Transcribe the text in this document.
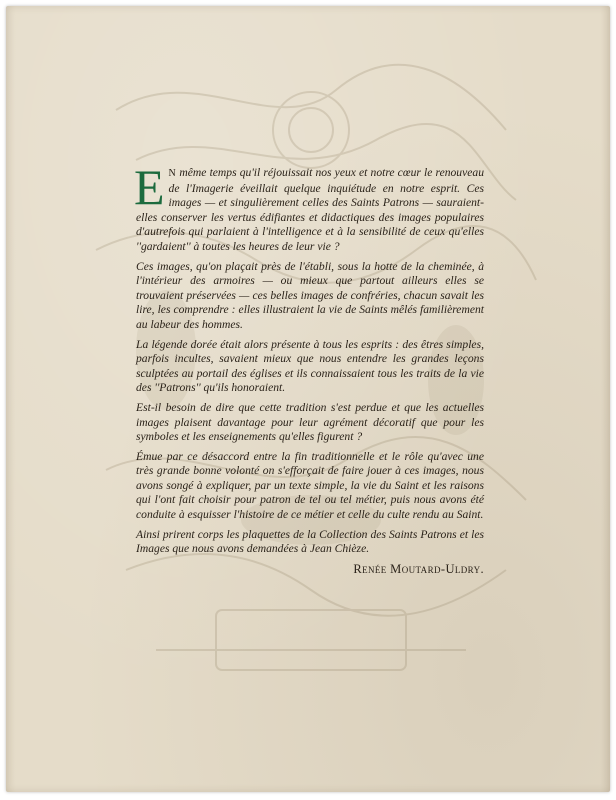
E N même temps qu'il réjouissait nos yeux et notre cœur le renouveau de l'Imagerie éveillait quelque inquiétude en notre esprit. Ces images — et singulièrement celles des Saints Patrons — sauraient-elles conserver les vertus édifiantes et didactiques des images populaires d'autrefois qui parlaient à l'intelligence et à la sensibilité de ceux qu'elles ''gardaient'' à toutes les heures de leur vie ?

Ces images, qu'on plaçait près de l'établi, sous la hotte de la cheminée, à l'intérieur des armoires — ou mieux que partout ailleurs elles se trouvaient préservées — ces belles images de confréries, chacun savait les lire, les comprendre : elles illustraient la vie de Saints mêlés familièrement au labeur des hommes.

La légende dorée était alors présente à tous les esprits : des êtres simples, parfois incultes, savaient mieux que nous entendre les grandes leçons sculptées au portail des églises et ils connaissaient tous les traits de la vie des ''Patrons'' qu'ils honoraient.

Est-il besoin de dire que cette tradition s'est perdue et que les actuelles images plaisent davantage pour leur agrément décoratif que pour les symboles et les enseignements qu'elles figurent ?

Émue par ce désaccord entre la fin traditionnelle et le rôle qu'avec une très grande bonne volonté on s'efforçait de faire jouer à ces images, nous avons songé à expliquer, par un texte simple, la vie du Saint et les raisons qui l'ont fait choisir pour patron de tel ou tel métier, puis nous avons été conduite à esquisser l'histoire de ce métier et celle du culte rendu au Saint.

Ainsi prirent corps les plaquettes de la Collection des Saints Patrons et les Images que nous avons demandées à Jean Chièze.

Renée Moutard-Uldry.
